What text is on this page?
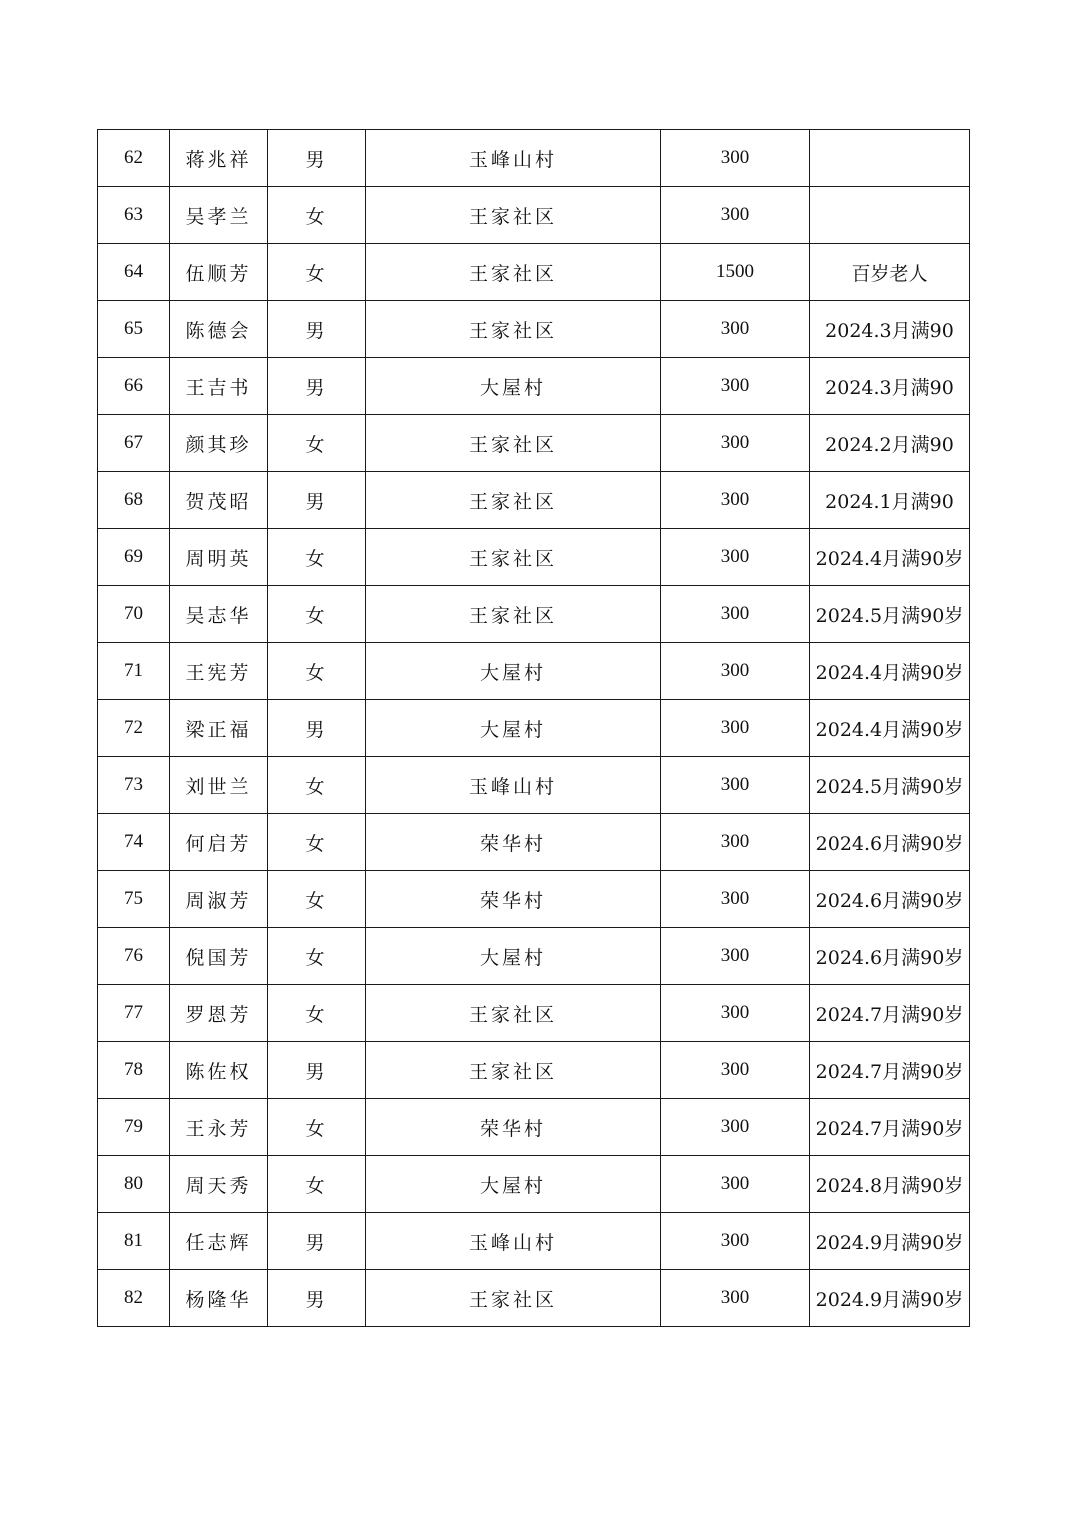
62	蒋兆祥	男	玉峰山村	300	
63	吴孝兰	女	王家社区	300	
64	伍顺芳	女	王家社区	1500	百岁老人
65	陈德会	男	王家社区	300	2024.3月满90
66	王吉书	男	大屋村	300	2024.3月满90
67	颜其珍	女	王家社区	300	2024.2月满90
68	贺茂昭	男	王家社区	300	2024.1月满90
69	周明英	女	王家社区	300	2024.4月满90岁
70	吴志华	女	王家社区	300	2024.5月满90岁
71	王宪芳	女	大屋村	300	2024.4月满90岁
72	梁正福	男	大屋村	300	2024.4月满90岁
73	刘世兰	女	玉峰山村	300	2024.5月满90岁
74	何启芳	女	荣华村	300	2024.6月满90岁
75	周淑芳	女	荣华村	300	2024.6月满90岁
76	倪国芳	女	大屋村	300	2024.6月满90岁
77	罗恩芳	女	王家社区	300	2024.7月满90岁
78	陈佐权	男	王家社区	300	2024.7月满90岁
79	王永芳	女	荣华村	300	2024.7月满90岁
80	周天秀	女	大屋村	300	2024.8月满90岁
81	任志辉	男	玉峰山村	300	2024.9月满90岁
82	杨隆华	男	王家社区	300	2024.9月满90岁
